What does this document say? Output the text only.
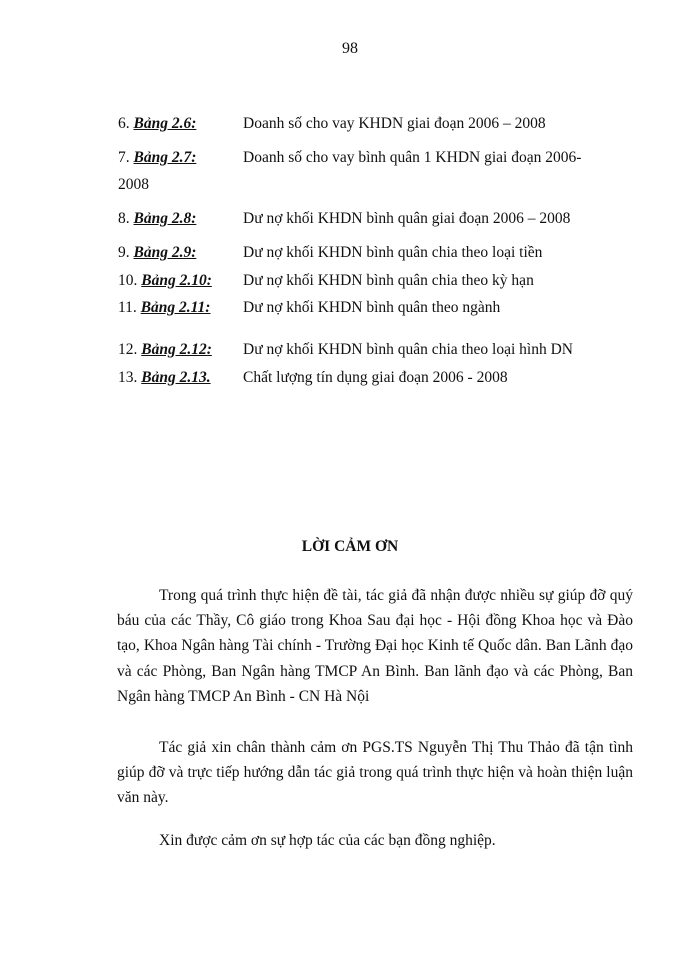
98
6. Bảng 2.6:	Doanh số cho vay KHDN giai đoạn 2006 – 2008
7. Bảng 2.7:	Doanh số cho vay bình quân 1 KHDN giai đoạn 2006-
2008
8. Bảng 2.8:	Dư nợ khối KHDN bình quân giai đoạn 2006 – 2008
9. Bảng 2.9:	Dư nợ khối KHDN bình quân chia theo loại tiền
10. Bảng 2.10: Dư nợ khối KHDN bình quân chia theo kỳ hạn
11. Bảng 2.11: Dư nợ khối KHDN bình quân theo ngành
12. Bảng 2.12: Dư nợ khối KHDN bình quân chia theo loại hình DN
13. Bảng 2.13. Chất lượng tín dụng giai đoạn 2006 - 2008
LỜI CẢM ƠN

Trong quá trình thực hiện đề tài, tác giả đã nhận được nhiều sự giúp đỡ quý báu của các Thầy, Cô giáo trong Khoa Sau đại học - Hội đồng Khoa học và Đào tạo, Khoa Ngân hàng Tài chính - Trường Đại học Kinh tế Quốc dân. Ban Lãnh đạo và các Phòng, Ban Ngân hàng TMCP An Bình. Ban lãnh đạo và các Phòng, Ban Ngân hàng TMCP An Bình - CN Hà Nội

Tác giả xin chân thành cảm ơn PGS.TS Nguyễn Thị Thu Thảo đã tận tình giúp đỡ và trực tiếp hướng dẫn tác giả trong quá trình thực hiện và hoàn thiện luận văn này.

Xin được cảm ơn sự hợp tác của các bạn đồng nghiệp.
